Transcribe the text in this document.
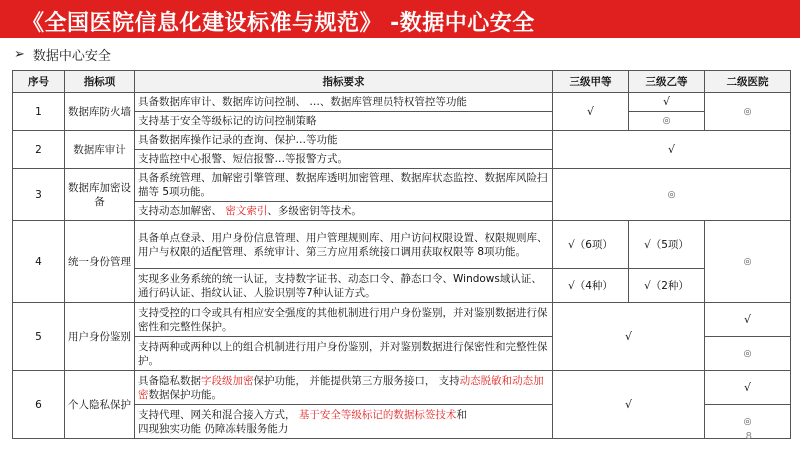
《全国医院信息化建设标准与规范》 -数据中心安全
➢ 数据中心安全
序号	指标项	指标要求	三级甲等	三级乙等	二级医院
1	数据库防火墙	具备数据库审计、数据库访问控制、 …、数据库管理员特权管控等功能	√	√	◎
		支持基于安全等级标记的访问控制策略		◎	
2	数据库审计	具备数据库操作记录的查询、保护…等功能	√		
		支持监控中心报警、短信报警…等报警方式。			
3	数据库加密设备	具备系统管理、加解密引擎管理、数据库透明加密管理、数据库状态监控、数据库风险扫描等 5项功能。	◎		
		支持动态加解密、 密文索引、多级密钥等技术。			
4	统一身份管理	具备单点登录、用户身份信息管理、用户管理规则库、用户访问权限设置、权限规则库、用户与权限的适配管理、系统审计、第三方应用系统接口调用获取权限等 8项功能。	√（6项）	√（5项）	◎
		实现多业务系统的统一认证，支持数字证书、动态口令、静态口令、Windows域认证、通行码认证、指纹认证、人脸识别等7种认证方式。	√（4种）	√（2种）	
5	用户身份鉴别	支持受控的口令或具有相应安全强度的其他机制进行用户身份鉴别，并对鉴别数据进行保密性和完整性保护。	√		√
		支持两种或两种以上的组合机制进行用户身份鉴别，并对鉴别数据进行保密性和完整性保护。			◎
6	个人隐私保护	具备隐私数据字段级加密保护功能， 并能提供第三方服务接口， 支持动态脱敏和动态加密数据保护功能。	√		√
		支持代理、网关和混合接入方式， 基于安全等级标记的数据标签技术和
四现独实功能 仍障冻转服务能力			◎
8
